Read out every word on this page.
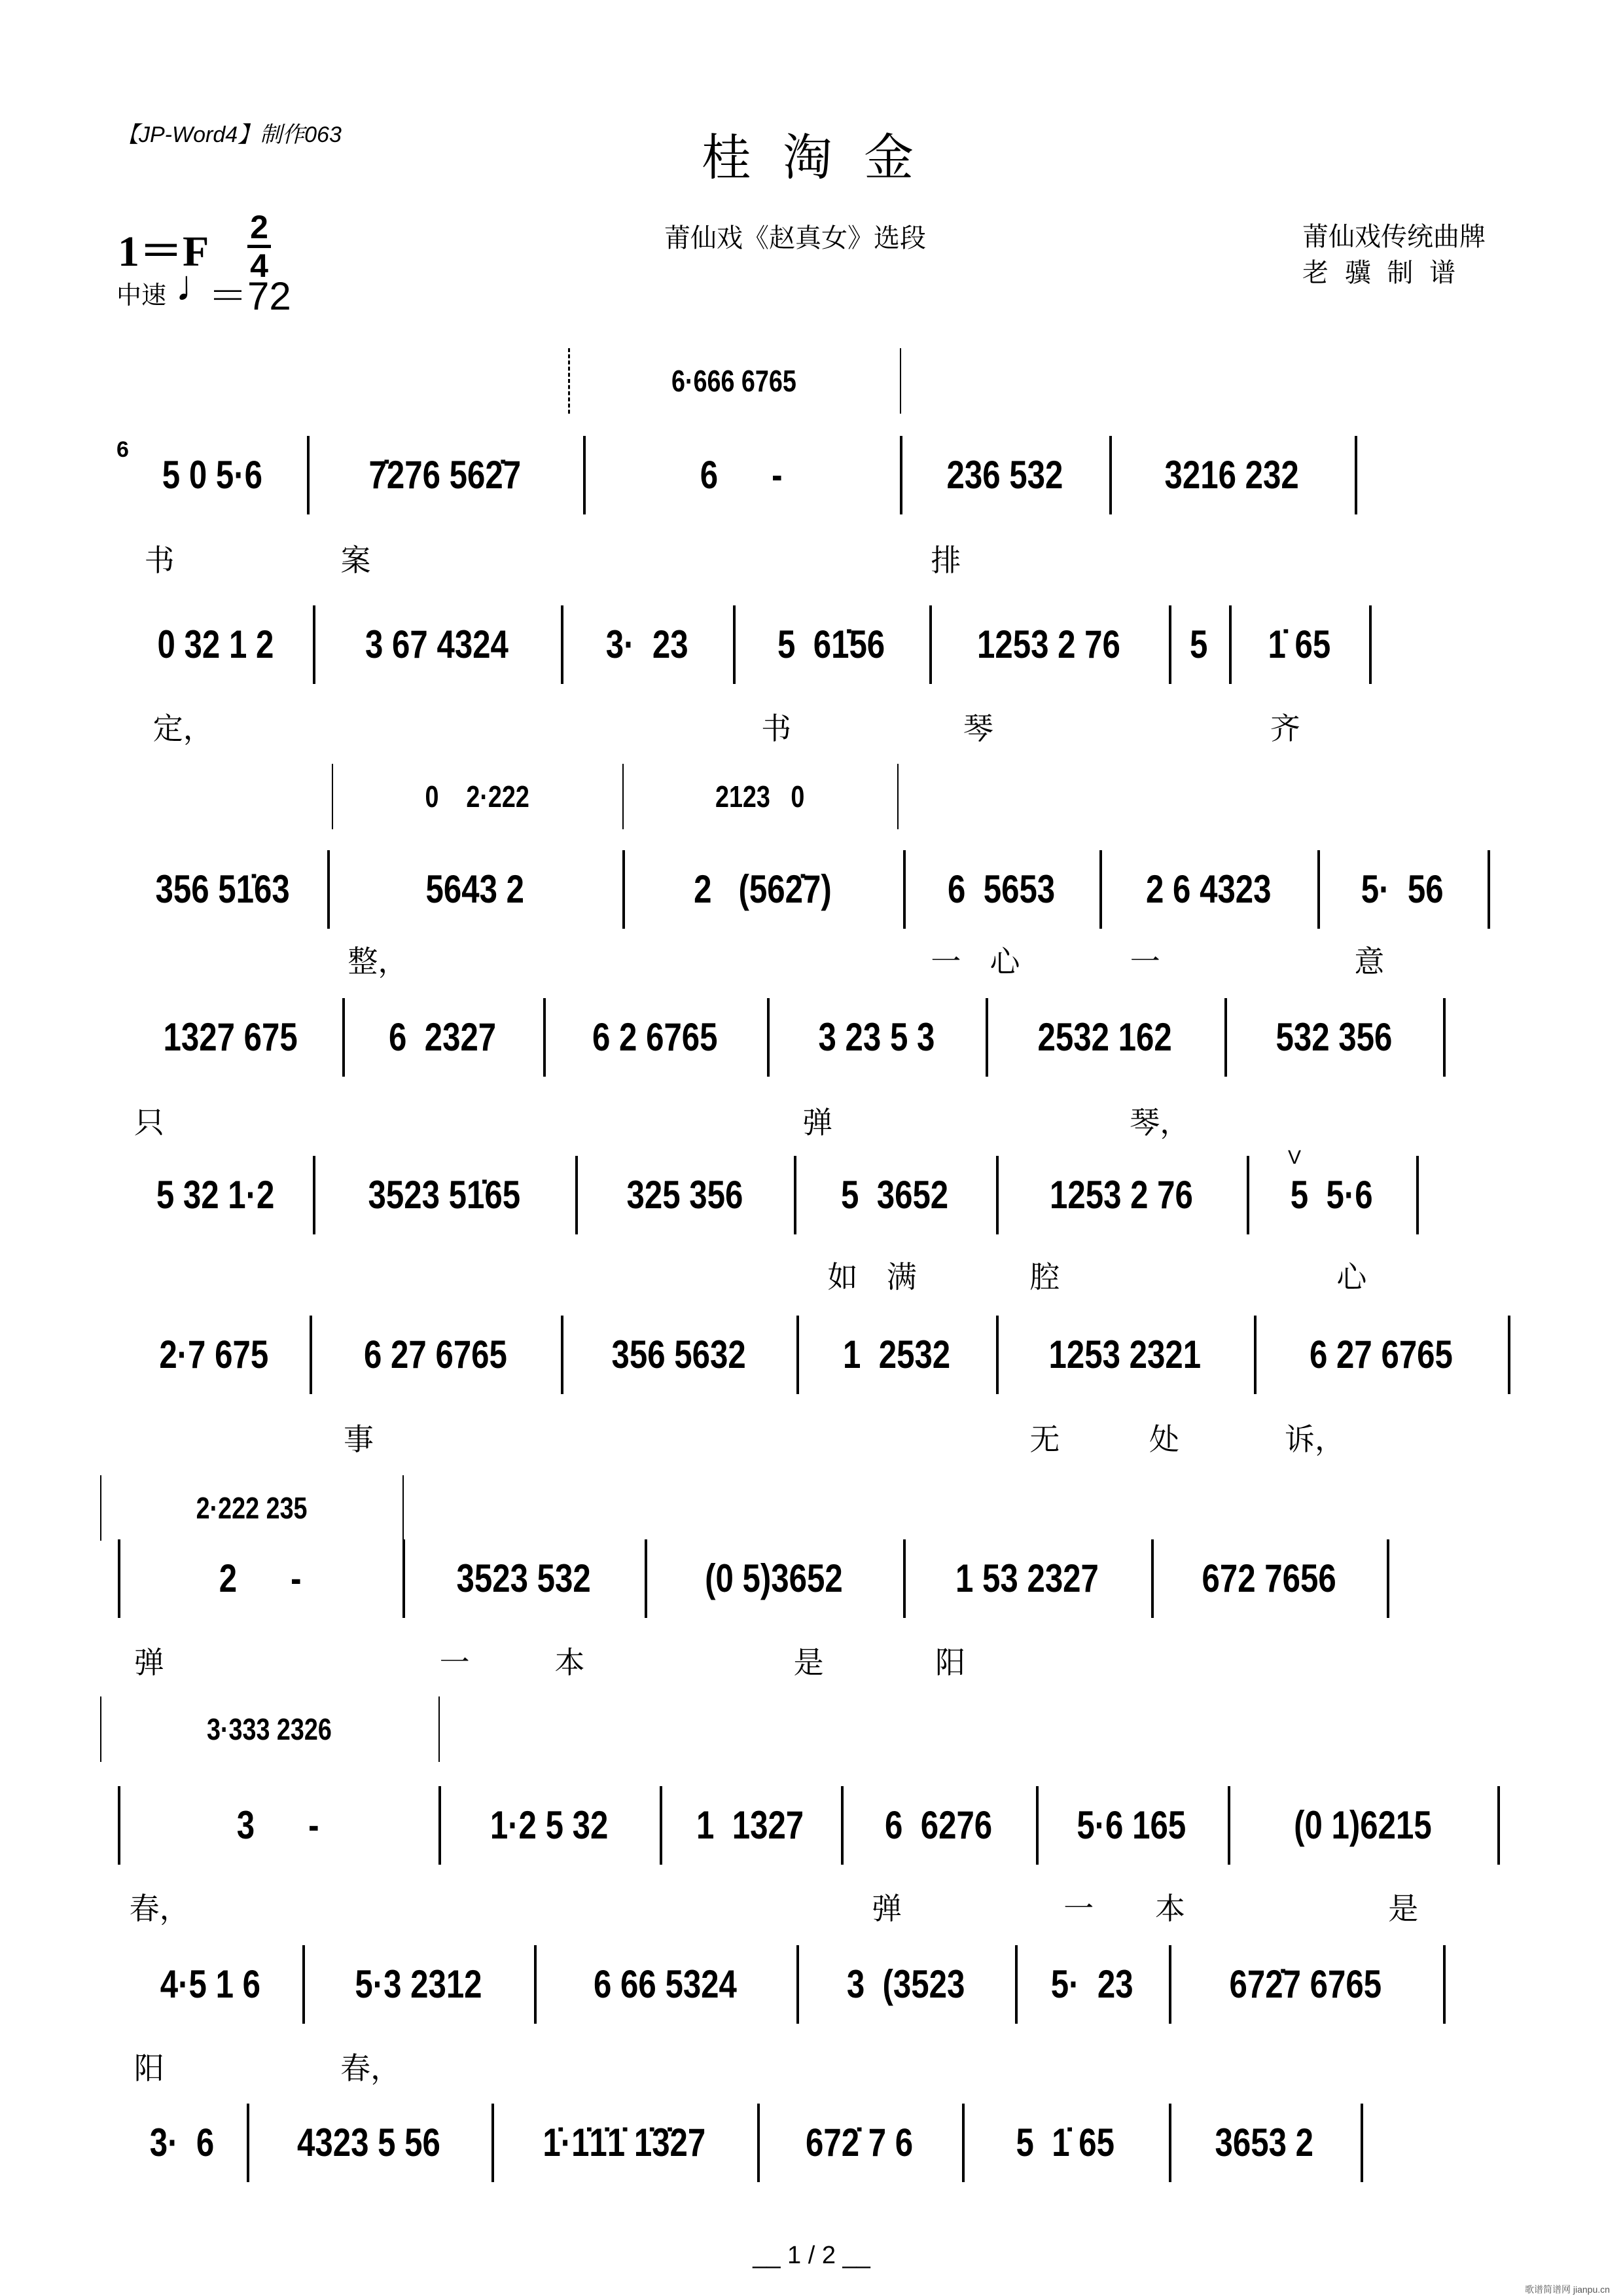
【JP-Word4】制作063	桂 淘 金
1＝F
2
4
中速 ♩
＝72
莆仙戏《赵真女》选段	莆仙戏传统曲牌
老 骥 制 谱
6
V
5 0 5·6	7̇276 562̇7	6      -	236 532	3216 232
书	案	排
0 32 1 2	3 67 4324	3·  23	5  61̇56	1253 2 76	5	1̇ 65
定，	书	琴	齐
356 51̇63	5643 2	2   (562̇7)	6  5653	2 6 4323	5·  56
整，	一 心	一	意
1327 675	6  2327	6 2 6765	3 23 5 3	2532 162	532 356
只	弹	琴，
5 32 1·2	3523 51̇65	325 356	5  3652	1253 2 76	5  5·6
如 满	腔	心
2·7 675	6 27 6765	356 5632	1  2532	1253 2321	6 27 6765
事	无	处	诉，
2      -	3523 532	(0 5)3652	1 53 2327	672 7656
弹	一	本	是	阳
3      -	1·2 5 32	1  1327	6  6276	5·6 165	(0 1)6215
春，	弹	一 本	是
4·5 1 6	5·3 2312	6 66 5324	3  (3523	5·  23	672̇7 6765
阳	春，
3·  6	4323 5 56	1̇·1̇1̇1̇ 1̇3̇27	672̇ 7 6	5  1̇ 65	3653 2
6·666 6765
0    2·222	2123   0
2·222 235
3·333 2326
__ 1 / 2 __
歌谱简谱网 jianpu.cn
